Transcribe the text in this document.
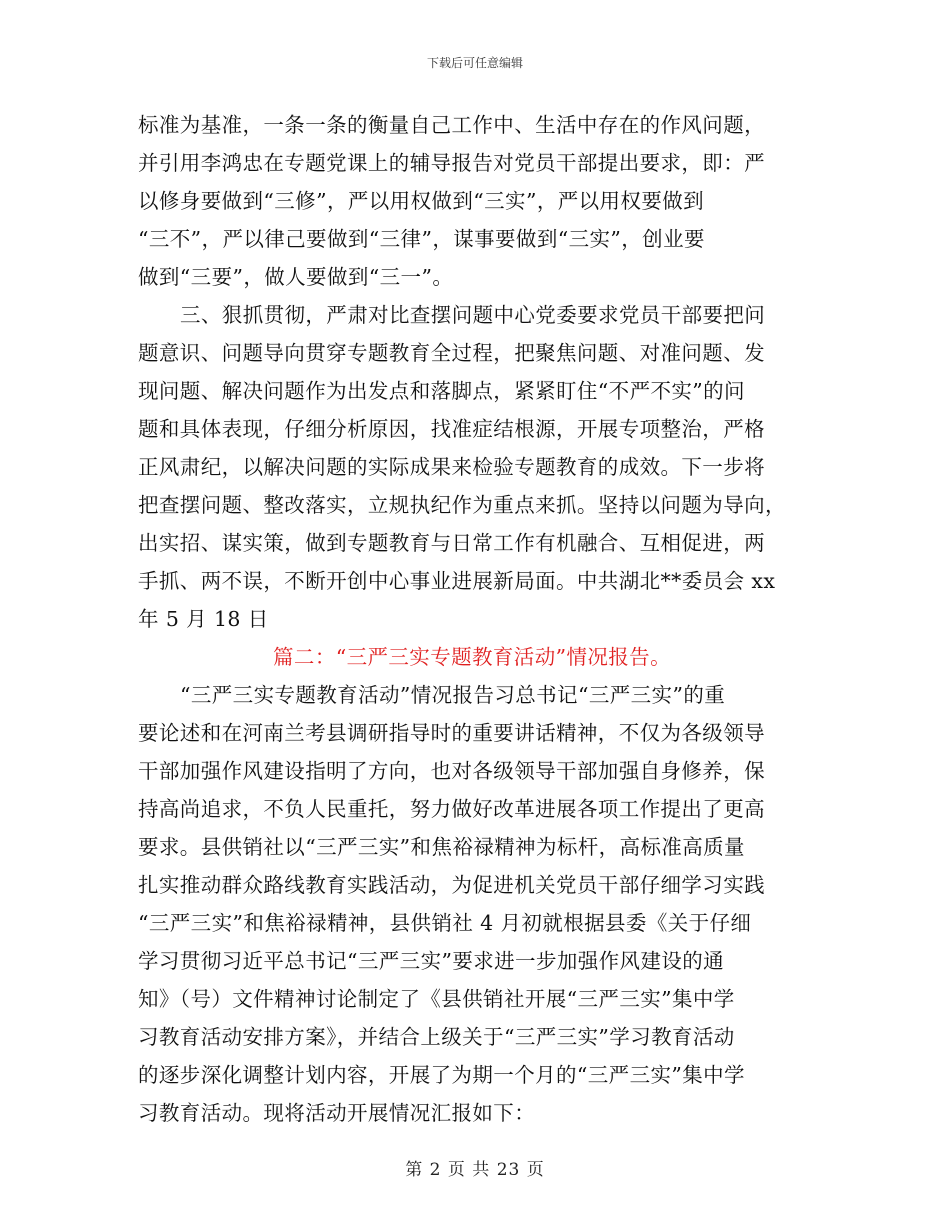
下载后可任意编辑
标准为基准，一条一条的衡量自己工作中、生活中存在的作风问题，
并引用李鸿忠在专题党课上的辅导报告对党员干部提出要求，即：严
以修身要做到“三修”，严以用权做到“三实”，严以用权要做到
“三不”，严以律己要做到“三律”，谋事要做到“三实”，创业要
做到“三要”，做人要做到“三一”。
三、狠抓贯彻，严肃对比查摆问题中心党委要求党员干部要把问
题意识、问题导向贯穿专题教育全过程，把聚焦问题、对准问题、发
现问题、解决问题作为出发点和落脚点，紧紧盯住“不严不实”的问
题和具体表现，仔细分析原因，找准症结根源，开展专项整治，严格
正风肃纪，以解决问题的实际成果来检验专题教育的成效。下一步将
把查摆问题、整改落实，立规执纪作为重点来抓。坚持以问题为导向，
出实招、谋实策，做到专题教育与日常工作有机融合、互相促进，两
手抓、两不误，不断开创中心事业进展新局面。中共湖北**委员会 xx
年 5 月 18 日
篇二：“三严三实专题教育活动”情况报告。
“三严三实专题教育活动”情况报告习总书记“三严三实”的重
要论述和在河南兰考县调研指导时的重要讲话精神，不仅为各级领导
干部加强作风建设指明了方向，也对各级领导干部加强自身修养，保
持高尚追求，不负人民重托，努力做好改革进展各项工作提出了更高
要求。县供销社以“三严三实”和焦裕禄精神为标杆，高标准高质量
扎实推动群众路线教育实践活动，为促进机关党员干部仔细学习实践
“三严三实”和焦裕禄精神，县供销社 4 月初就根据县委《关于仔细
学习贯彻习近平总书记“三严三实”要求进一步加强作风建设的通
知》（号）文件精神讨论制定了《县供销社开展“三严三实”集中学
习教育活动安排方案》，并结合上级关于“三严三实”学习教育活动
的逐步深化调整计划内容，开展了为期一个月的“三严三实”集中学
习教育活动。现将活动开展情况汇报如下：
第 2 页 共 23 页
